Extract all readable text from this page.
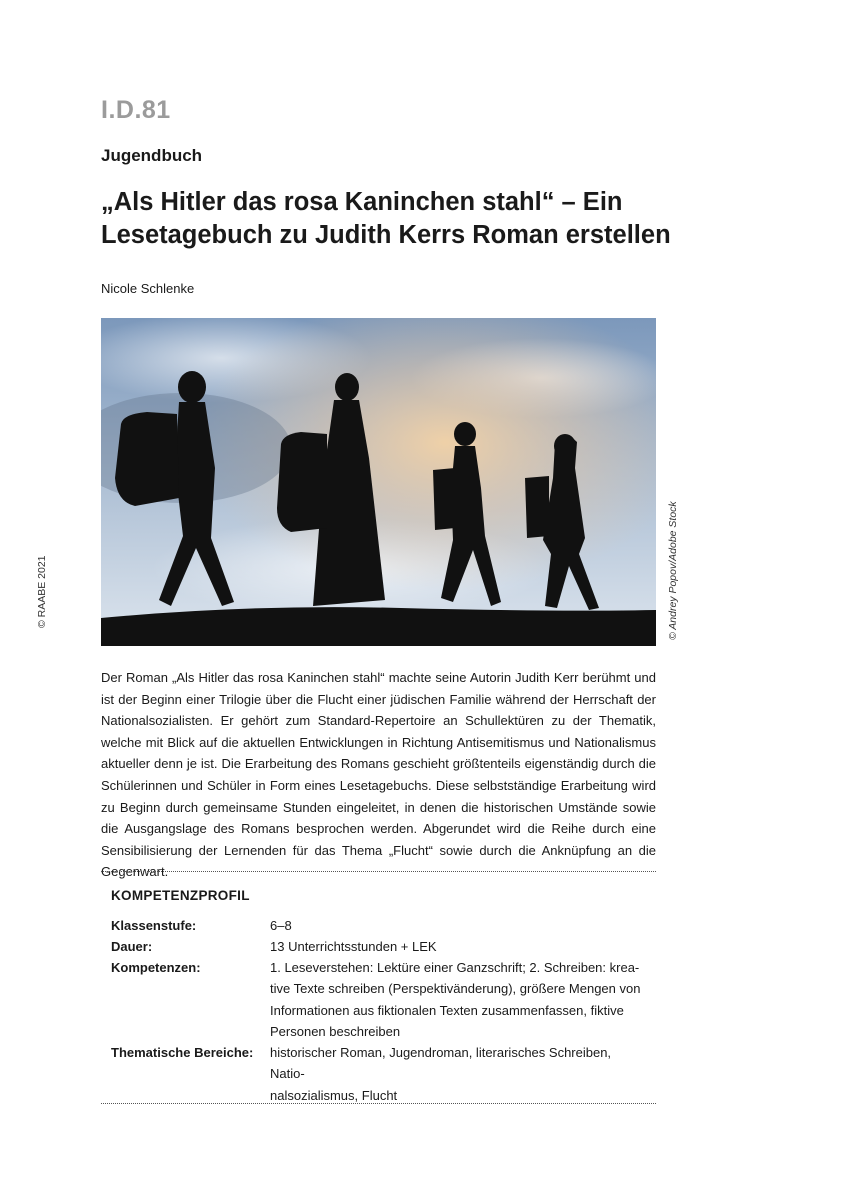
I.D.81
Jugendbuch
„Als Hitler das rosa Kaninchen stahl“ – Ein
Lesetagebuch zu Judith Kerrs Roman erstellen
Nicole Schlenke
© Andrey Popov/Adobe Stock
© RAABE 2021

Der Roman „Als Hitler das rosa Kaninchen stahl“ machte seine Autorin Judith Kerr berühmt und ist der Beginn einer Trilogie über die Flucht einer jüdischen Familie während der Herrschaft der Nationalsozialisten. Er gehört zum Standard-Repertoire an Schullektüren zu der Thematik, welche mit Blick auf die aktuellen Entwicklungen in Richtung Antisemitismus und Nationalismus aktueller denn je ist. Die Erarbeitung des Romans geschieht größtenteils eigenständig durch die Schülerinnen und Schüler in Form eines Lesetagebuchs. Diese selbstständige Erarbeitung wird zu Beginn durch gemeinsame Stunden eingeleitet, in denen die historischen Umstände sowie die Ausgangslage des Romans besprochen werden. Abgerundet wird die Reihe durch eine Sensibilisierung der Lernenden für das Thema „Flucht“ sowie durch die Anknüpfung an die Gegenwart.

KOMPETENZPROFIL
Klassenstufe:	6–8
Dauer:	13 Unterrichtsstunden + LEK
Kompetenzen:	1. Leseverstehen: Lektüre einer Ganzschrift; 2. Schreiben: krea-
tive Texte schreiben (Perspektivänderung), größere Mengen von
Informationen aus fiktionalen Texten zusammenfassen, fiktive
Personen beschreiben
Thematische Bereiche: historischer Roman, Jugendroman, literarisches Schreiben, Natio-
nalsozialismus, Flucht
